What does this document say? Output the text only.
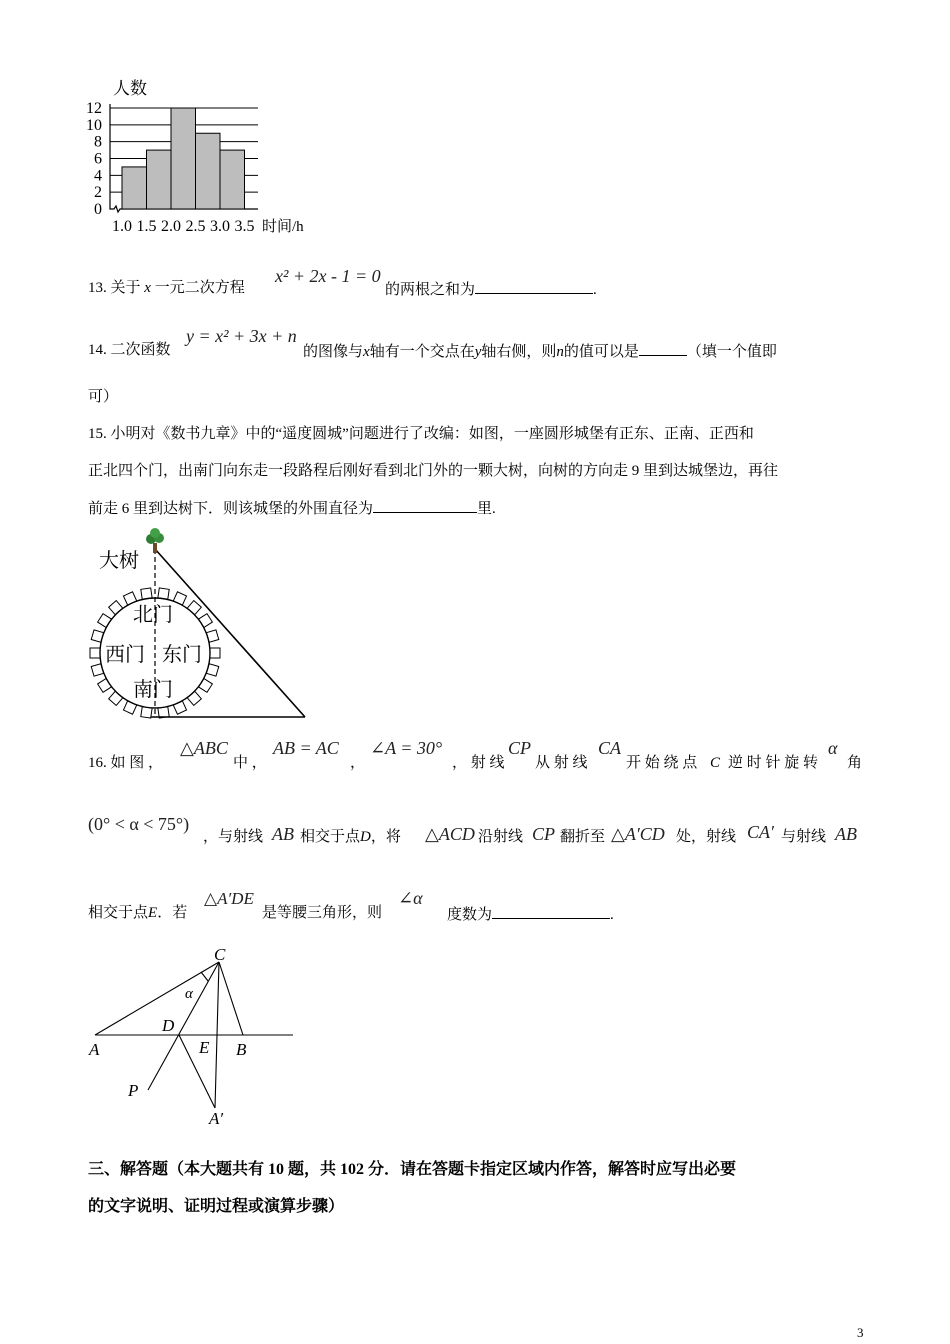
人数
12
10
8
6
4
2
0
1.0 1.5 2.0 2.5 3.0 3.5 时间/h
13. 关于 x 一元二次方程
x² + 2x - 1 = 0
的两根之和为	.
14. 二次函数
y = x² + 3x + n
的图像与x轴有一个交点在y轴右侧，则n的值可以是	（填一个值即
可）
15. 小明对《数书九章》中的“遥度圆城”问题进行了改编：如图，一座圆形城堡有正东、正南、正西和
正北四个门，出南门向东走一段路程后刚好看到北门外的一颗大树，向树的方向走 9 里到达城堡边，再往
前走 6 里到达树下．则该城堡的外围直径为	里.
大树
北门
西门 东门
南门
16. 如 图 ，
△ABC
中 ，
AB = AC
，
∠A = 30°
， 射 线
CP
从 射 线
CA
开 始 绕 点 C 逆 时 针 旋 转
α
角
(0° < α < 75°)
，与射线 AB 相交于点D，将 △ACD 沿射线 CP 翻折至 △A′CD 处，射线 CA′ 与射线 AB
相交于点E．若
△A′DE
是等腰三角形，则
∠α
度数为	.
C
α
D
A	E B
P
A′
三、解答题（本大题共有 10 题，共 102 分．请在答题卡指定区域内作答，解答时应写出必要
的文字说明、证明过程或演算步骤）
3
